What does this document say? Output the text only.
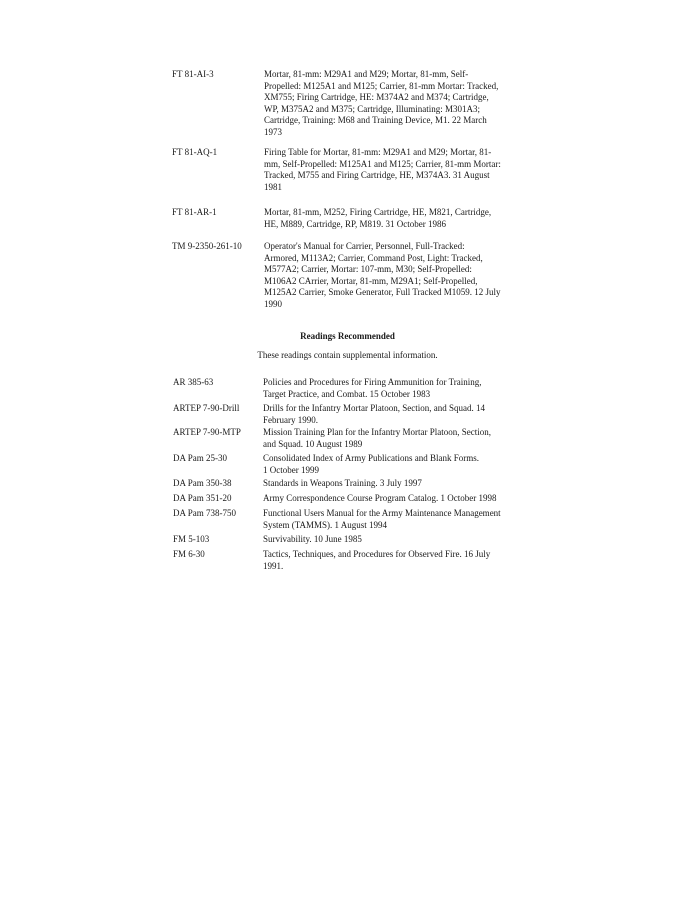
FT 81-AI-3	Mortar, 81-mm: M29A1 and M29; Mortar, 81-mm, Self-
Propelled: M125A1 and M125; Carrier, 81-mm Mortar: Tracked,
XM755; Firing Cartridge, HE: M374A2 and M374; Cartridge,
WP, M375A2 and M375; Cartridge, Illuminating: M301A3;
Cartridge, Training: M68 and Training Device, M1. 22 March
1973
FT 81-AQ-1	Firing Table for Mortar, 81-mm: M29A1 and M29; Mortar, 81-
mm, Self-Propelled: M125A1 and M125; Carrier, 81-mm Mortar:
Tracked, M755 and Firing Cartridge, HE, M374A3. 31 August
1981
FT 81-AR-1	Mortar, 81-mm, M252, Firing Cartridge, HE, M821, Cartridge,
HE, M889, Cartridge, RP, M819. 31 October 1986
TM 9-2350-261-10 Operator's Manual for Carrier, Personnel, Full-Tracked:
Armored, M113A2; Carrier, Command Post, Light: Tracked,
M577A2; Carrier, Mortar: 107-mm, M30; Self-Propelled:
M106A2 CArrier, Mortar, 81-mm, M29A1; Self-Propelled,
M125A2 Carrier, Smoke Generator, Full Tracked M1059. 12 July
1990
Readings Recommended
These readings contain supplemental information.
AR 385-63	Policies and Procedures for Firing Ammunition for Training,
Target Practice, and Combat. 15 October 1983
ARTEP 7-90-Drill	Drills for the Infantry Mortar Platoon, Section, and Squad. 14
February 1990.
ARTEP 7-90-MTP Mission Training Plan for the Infantry Mortar Platoon, Section,
and Squad. 10 August 1989
DA Pam 25-30	Consolidated Index of Army Publications and Blank Forms.
1 October 1999
DA Pam 350-38	Standards in Weapons Training. 3 July 1997
DA Pam 351-20	Army Correspondence Course Program Catalog. 1 October 1998
DA Pam 738-750	Functional Users Manual for the Army Maintenance Management
System (TAMMS). 1 August 1994
FM 5-103	Survivability. 10 June 1985
FM 6-30	Tactics, Techniques, and Procedures for Observed Fire. 16 July
1991.
